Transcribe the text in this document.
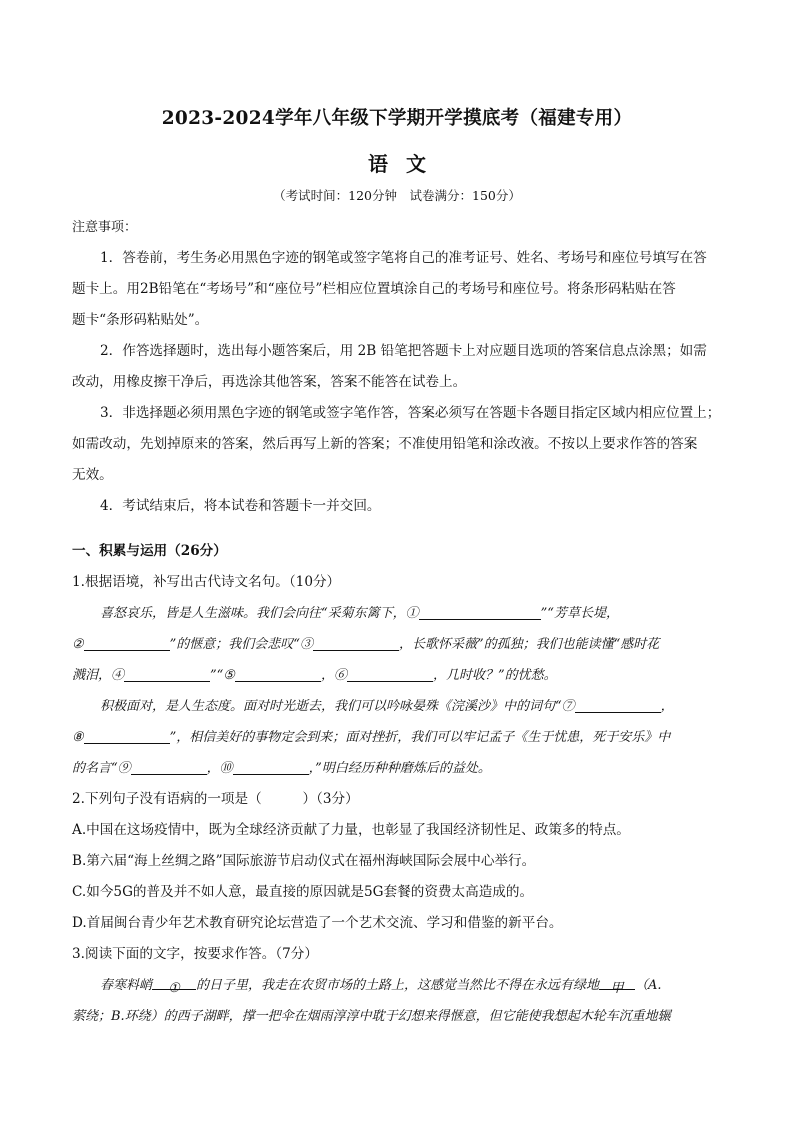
2023-2024学年八年级下学期开学摸底考（福建专用）
语文
（考试时间：120分钟　试卷满分：150分）
注意事项：
1．答卷前，考生务必用黑色字迹的钢笔或签字笔将自己的准考证号、姓名、考场号和座位号填写在答
题卡上。用2B铅笔在“考场号”和“座位号”栏相应位置填涂自己的考场号和座位号。将条形码粘贴在答
题卡“条形码粘贴处”。
2．作答选择题时，选出每小题答案后，用 2B 铅笔把答题卡上对应题目选项的答案信息点涂黑；如需
改动，用橡皮擦干净后，再选涂其他答案，答案不能答在试卷上。
3．非选择题必须用黑色字迹的钢笔或签字笔作答，答案必须写在答题卡各题目指定区域内相应位置上；
如需改动，先划掉原来的答案，然后再写上新的答案；不准使用铅笔和涂改液。不按以上要求作答的答案
无效。
4．考试结束后，将本试卷和答题卡一并交回。
一、积累与运用（26分）
1.根据语境，补写出古代诗文名句。（10分）
喜怒哀乐，皆是人生滋味。我们会向往“采菊东篱下，①	”“芳草长堤，
②	”的惬意；我们会悲叹“③	，长歌怀采薇”的孤独；我们也能读懂“感时花
溅泪，④	”“⑤	，⑥	，几时收？”的忧愁。
积极面对，是人生态度。面对时光逝去，我们可以吟咏晏殊《浣溪沙》中的词句“⑦	，
⑧	”，相信美好的事物定会到来；面对挫折，我们可以牢记孟子《生于忧患，死于安乐》中
的名言“⑨	，⑩	，”明白经历种种磨炼后的益处。
2.下列句子没有语病的一项是（　　　）（3分）
A.中国在这场疫情中，既为全球经济贡献了力量，也彰显了我国经济韧性足、政策多的特点。
B.第六届“海上丝绸之路”国际旅游节启动仪式在福州海峡国际会展中心举行。
C.如今5G的普及并不如人意，最直接的原因就是5G套餐的资费太高造成的。
D.首届闽台青少年艺术教育研究论坛营造了一个艺术交流、学习和借鉴的新平台。
3.阅读下面的文字，按要求作答。（7分）
春寒料峭 ① 的日子里，我走在农贸市场的土路上，这感觉当然比不得在永远有绿地 甲 （A.
萦绕；B.环绕）的西子湖畔，撑一把伞在烟雨淳淳中耽于幻想来得惬意，但它能使我想起木轮车沉重地辗
